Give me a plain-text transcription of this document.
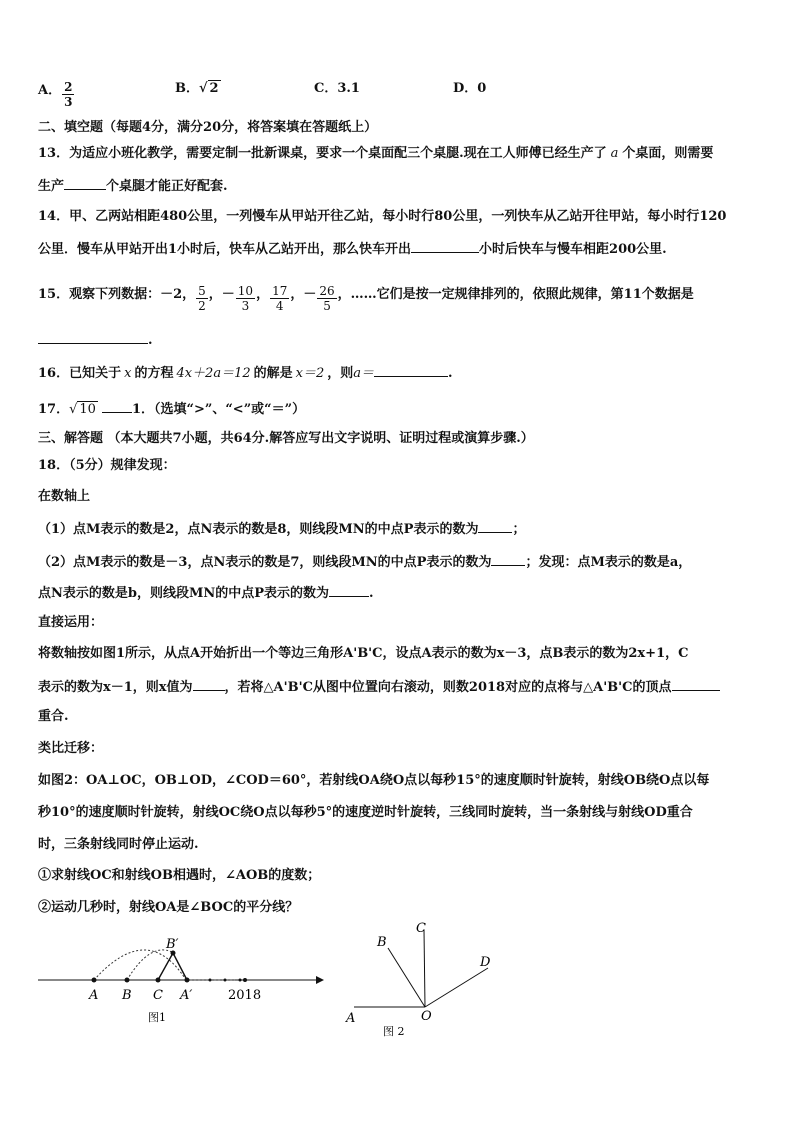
A． $\frac{2}{3}$	B．√ 2	C．3.1	D．0
二、填空题（每题4分，满分20分，将答案填在答题纸上）
13．为适应小班化教学，需要定制一批新课桌，要求一个桌面配三个桌腿.现在工人师傅已经生产了 a 个桌面，则需要
生产	个桌腿才能正好配套.
14．甲、乙两站相距480公里，一列慢车从甲站开往乙站，每小时行80公里，一列快车从乙站开往甲站，每小时行120
公里．慢车从甲站开出1小时后，快车从乙站开出，那么快车开出	小时后快车与慢车相距200公里.
15．观察下列数据：－2， $\frac{5}{2}$ ，－ $\frac{10}{3}$ ， $\frac{17}{4}$ ，－ $\frac{26}{5}$ ，……它们是按一定规律排列的，依照此规律，第11个数据是
.
16．已知关于 x 的方程 4x＋2a＝12 的解是 x＝2 ，则a＝	.
17．√ 10	1．（选填“>”、“<”或“＝”）
三、解答题 （本大题共7小题，共64分.解答应写出文字说明、证明过程或演算步骤.）
18．（5分）规律发现：
在数轴上
（1）点M表示的数是2，点N表示的数是8，则线段MN的中点P表示的数为	；
（2）点M表示的数是－3，点N表示的数是7，则线段MN的中点P表示的数为	；发现：点M表示的数是a，
点N表示的数是b，则线段MN的中点P表示的数为	.
直接运用：
将数轴按如图1所示，从点A开始折出一个等边三角形A'B'C，设点A表示的数为x－3，点B表示的数为2x+1，C
表示的数为x－1，则x值为 ，若将△A'B'C从图中位置向右滚动，则数2018对应的点将与△A'B'C的顶点
重合.
类比迁移：
如图2：OA⊥OC，OB⊥OD，∠COD＝60°，若射线OA绕O点以每秒15°的速度顺时针旋转，射线OB绕O点以每
秒10°的速度顺时针旋转，射线OC绕O点以每秒5°的速度逆时针旋转，三线同时旋转，当一条射线与射线OD重合
时，三条射线同时停止运动.
①求射线OC和射线OB相遇时，∠AOB的度数；
②运动几秒时，射线OA是∠BOC的平分线？
A B C A′
B′
2018
图1	A	O
C
B
D
图 2
